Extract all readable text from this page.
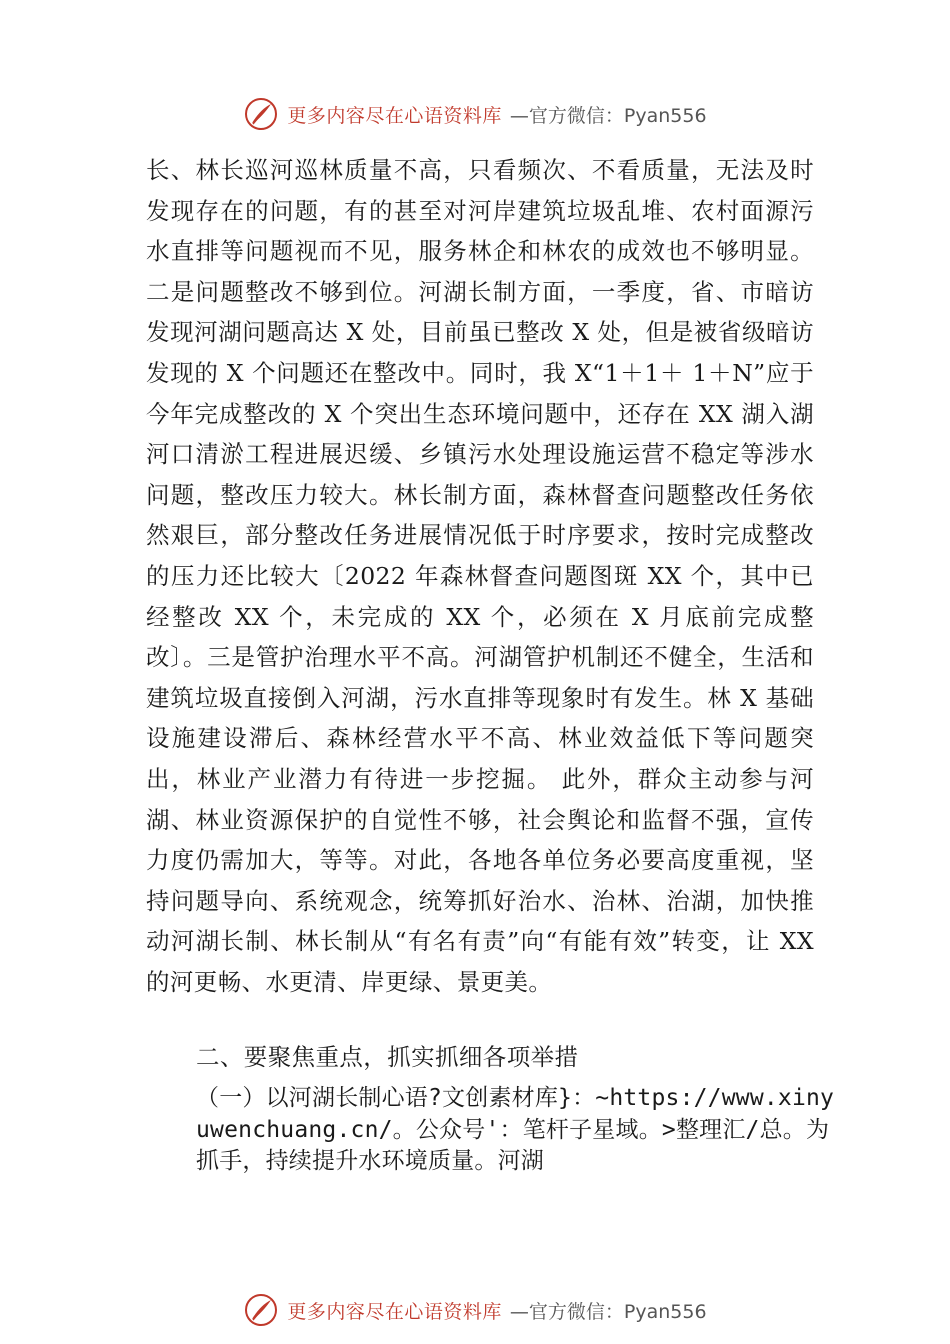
更多内容尽在心语资料库 —官方微信：Pyan556

长、林长巡河巡林质量不高，只看频次、不看质量，无法及时发现存在的问题，有的甚至对河岸建筑垃圾乱堆、农村面源污水直排等问题视而不见，服务林企和林农的成效也不够明显。二是问题整改不够到位。河湖长制方面，一季度，省、市暗访发现河湖问题高达 X 处，目前虽已整改 X 处，但是被省级暗访发现的 X 个问题还在整改中。同时，我 X“1＋1＋ 1＋N”应于今年完成整改的 X 个突出生态环境问题中，还存在 XX 湖入湖河口清淤工程进展迟缓、乡镇污水处理设施运营不稳定等涉水问题，整改压力较大。林长制方面，森林督查问题整改任务依然艰巨，部分整改任务进展情况低于时序要求，按时完成整改的压力还比较大〔2022 年森林督查问题图斑 XX 个，其中已经整改 XX 个，未完成的 XX 个，必须在 X 月底前完成整改〕。三是管护治理水平不高。河湖管护机制还不健全，生活和建筑垃圾直接倒入河湖，污水直排等现象时有发生。林 X 基础设施建设滞后、森林经营水平不高、林业效益低下等问题突出，林业产业潜力有待进一步挖掘。 此外，群众主动参与河湖、林业资源保护的自觉性不够，社会舆论和监督不强，宣传力度仍需加大，等等。对此，各地各单位务必要高度重视，坚持问题导向、系统观念，统筹抓好治水、治林、治湖，加快推动河湖长制、林长制从“有名有责”向“有能有效”转变，让 XX 的河更畅、水更清、岸更绿、景更美。

二、要聚焦重点，抓实抓细各项举措

（一）以河湖长制心语?文创素材库}：~https://www.xinyuwenchuang.cn/。公众号'：笔杆子星域。>整理汇/总。为抓手，持续提升水环境质量。河湖

更多内容尽在心语资料库 —官方微信：Pyan556
